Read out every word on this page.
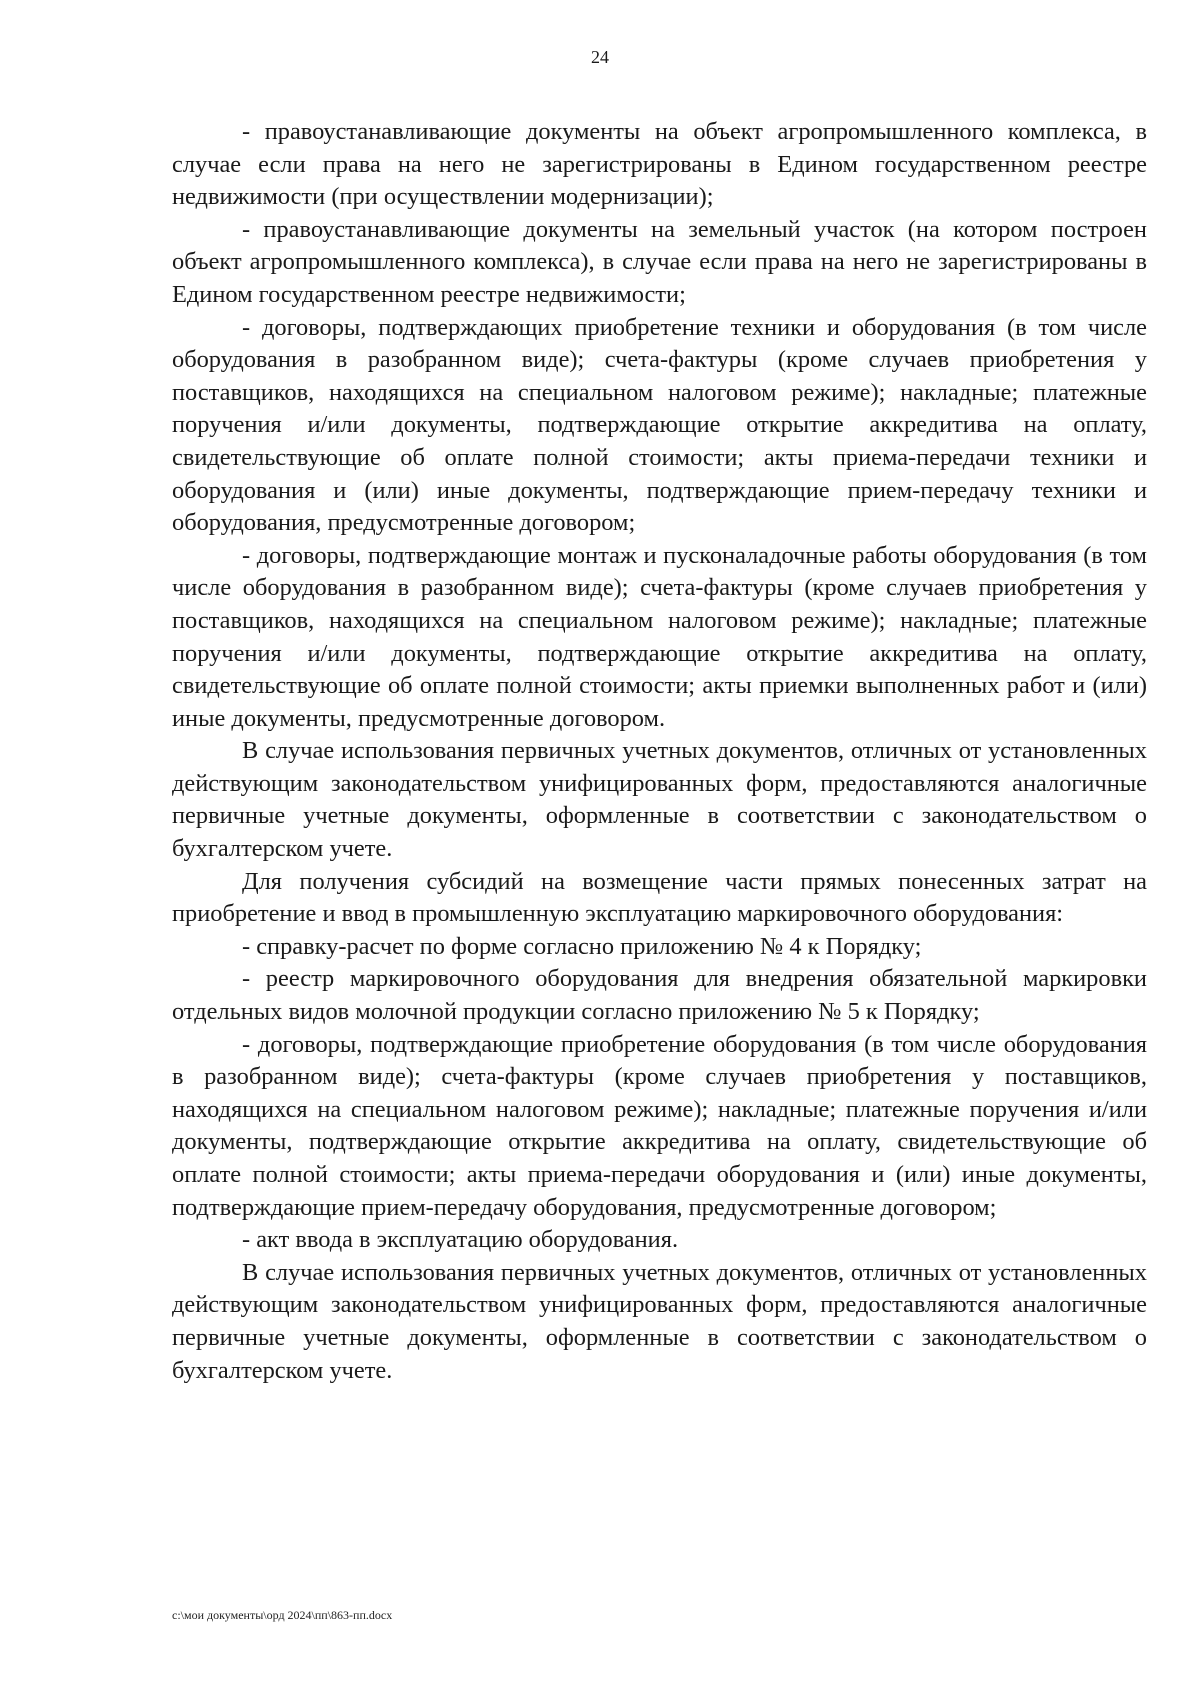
24

- правоустанавливающие документы на объект агропромышленного комплекса, в случае если права на него не зарегистрированы в Едином государственном реестре недвижимости (при осуществлении модернизации);

- правоустанавливающие документы на земельный участок (на котором построен объект агропромышленного комплекса), в случае если права на него не зарегистрированы в Едином государственном реестре недвижимости;

- договоры, подтверждающих приобретение техники и оборудования (в том числе оборудования в разобранном виде); счета-фактуры (кроме случаев приобретения у поставщиков, находящихся на специальном налоговом режиме); накладные; платежные поручения и/или документы, подтверждающие открытие аккредитива на оплату, свидетельствующие об оплате полной стоимости; акты приема-передачи техники и оборудования и (или) иные документы, подтверждающие прием-передачу техники и оборудования, предусмотренные договором;

- договоры, подтверждающие монтаж и пусконаладочные работы оборудования (в том числе оборудования в разобранном виде); счета-фактуры (кроме случаев приобретения у поставщиков, находящихся на специальном налоговом режиме); накладные; платежные поручения и/или документы, подтверждающие открытие аккредитива на оплату, свидетельствующие об оплате полной стоимости; акты приемки выполненных работ и (или) иные документы, предусмотренные договором.

В случае использования первичных учетных документов, отличных от установленных действующим законодательством унифицированных форм, предоставляются аналогичные первичные учетные документы, оформленные в соответствии с законодательством о бухгалтерском учете.

Для получения субсидий на возмещение части прямых понесенных затрат на приобретение и ввод в промышленную эксплуатацию маркировочного оборудования:

- справку-расчет по форме согласно приложению № 4 к Порядку;

- реестр маркировочного оборудования для внедрения обязательной маркировки отдельных видов молочной продукции согласно приложению № 5 к Порядку;

- договоры, подтверждающие приобретение оборудования (в том числе оборудования в разобранном виде); счета-фактуры (кроме случаев приобретения у поставщиков, находящихся на специальном налоговом режиме); накладные; платежные поручения и/или документы, подтверждающие открытие аккредитива на оплату, свидетельствующие об оплате полной стоимости; акты приема-передачи оборудования и (или) иные документы, подтверждающие прием-передачу оборудования, предусмотренные договором;

- акт ввода в эксплуатацию оборудования.

В случае использования первичных учетных документов, отличных от установленных действующим законодательством унифицированных форм, предоставляются аналогичные первичные учетные документы, оформленные в соответствии с законодательством о бухгалтерском учете.

c:\мои документы\орд 2024\пп\863-пп.docx
